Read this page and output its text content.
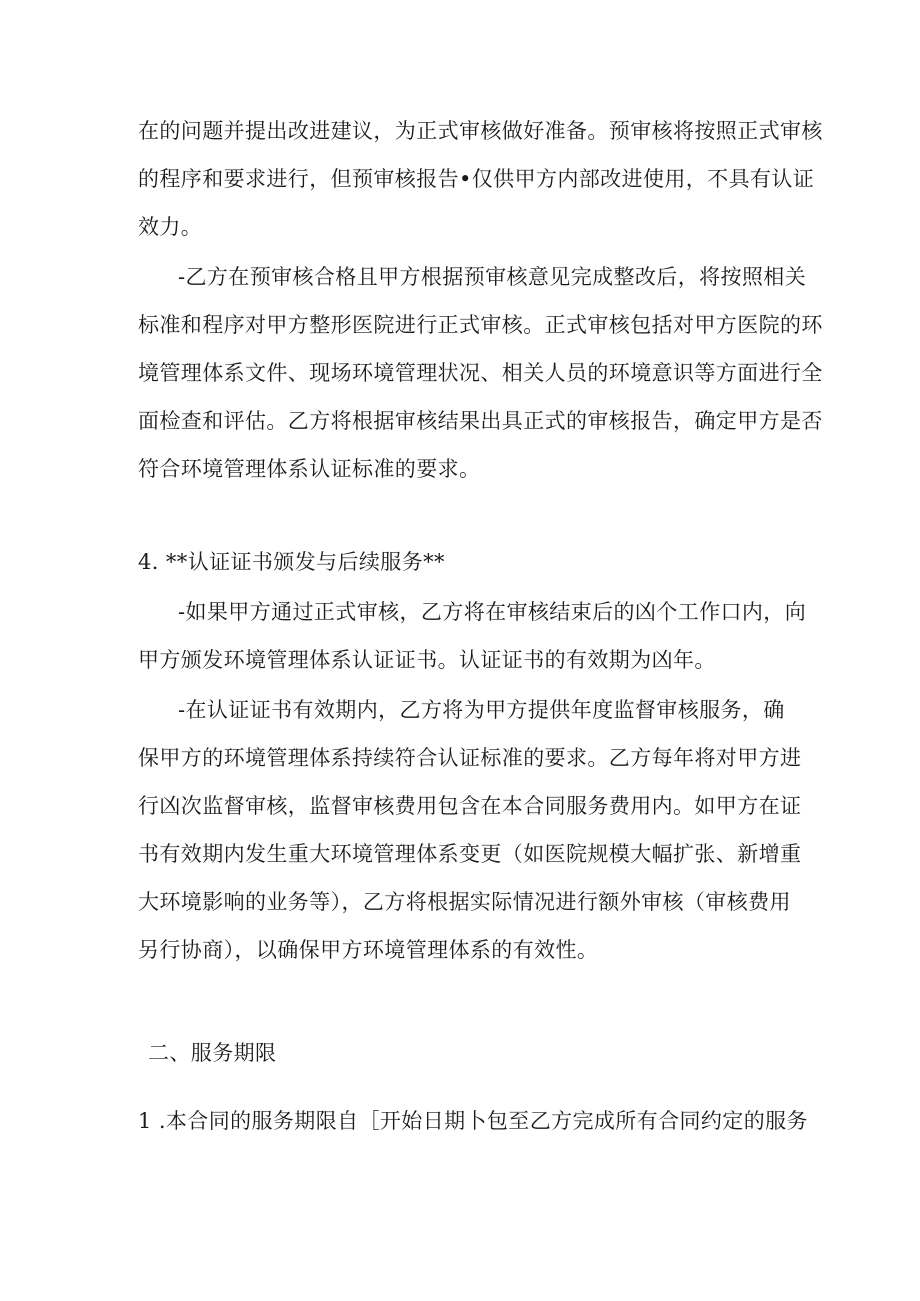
在的问题并提出改进建议，为正式审核做好准备。预审核将按照正式审核
的程序和要求进行，但预审核报告•仅供甲方内部改进使用，不具有认证
效力。
-乙方在预审核合格且甲方根据预审核意见完成整改后，将按照相关
标准和程序对甲方整形医院进行正式审核。正式审核包括对甲方医院的环
境管理体系文件、现场环境管理状况、相关人员的环境意识等方面进行全
面检查和评估。乙方将根据审核结果出具正式的审核报告，确定甲方是否
符合环境管理体系认证标准的要求。
4. **认证证书颁发与后续服务**
-如果甲方通过正式审核，乙方将在审核结束后的凶个工作口内，向
甲方颁发环境管理体系认证证书。认证证书的有效期为凶年。
-在认证证书有效期内，乙方将为甲方提供年度监督审核服务，确
保甲方的环境管理体系持续符合认证标准的要求。乙方每年将对甲方进
行凶次监督审核，监督审核费用包含在本合同服务费用内。如甲方在证
书有效期内发生重大环境管理体系变更（如医院规模大幅扩张、新增重
大环境影响的业务等），乙方将根据实际情况进行额外审核（审核费用
另行协商），以确保甲方环境管理体系的有效性。
二、服务期限
1 .本合同的服务期限自［开始日期卜包至乙方完成所有合同约定的服务
